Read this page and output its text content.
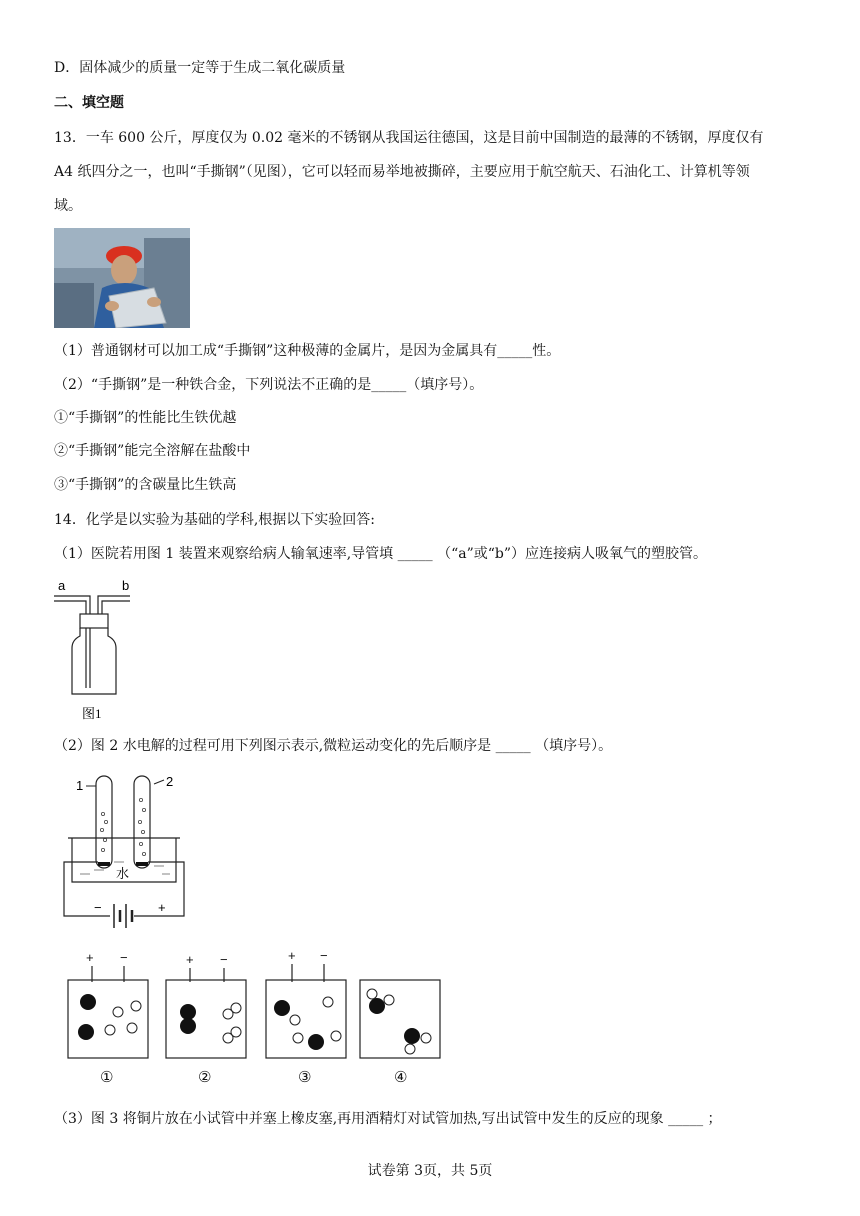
D．固体减少的质量一定等于生成二氧化碳质量
二、填空题
13．一车 600 公斤，厚度仅为 0.02 毫米的不锈钢从我国运往德国，这是目前中国制造的最薄的不锈钢，厚度仅有
A4 纸四分之一，也叫“手撕钢”（见图），它可以轻而易举地被撕碎，主要应用于航空航天、石油化工、计算机等领
域。
（1）普通钢材可以加工成“手撕钢”这种极薄的金属片，是因为金属具有_____性。
（2）“手撕钢”是一种铁合金，下列说法不正确的是_____（填序号）。
①“手撕钢”的性能比生铁优越
②“手撕钢”能完全溶解在盐酸中
③“手撕钢”的含碳量比生铁高
14．化学是以实验为基础的学科,根据以下实验回答:
（1）医院若用图 1 装置来观察给病人输氧速率,导管填 _____ （“a”或“b”）应连接病人吸氧气的塑胶管。
a	b
图1
（2）图 2 水电解的过程可用下列图示表示,微粒运动变化的先后顺序是 _____ （填序号）。
1	2
水
−	+
+ −	+ −	+ −
①	②	③	④
（3）图 3 将铜片放在小试管中并塞上橡皮塞,再用酒精灯对试管加热,写出试管中发生的反应的现象 _____ ；
试卷第 3页，共 5页
